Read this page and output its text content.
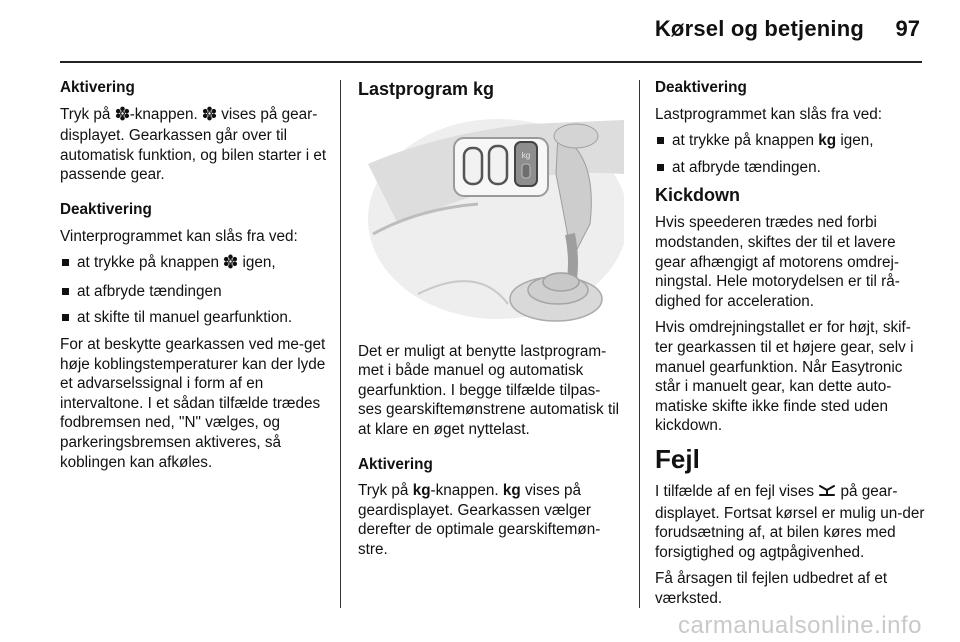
Kørsel og betjening 97

Aktivering

Tryk på -knappen.  vises på gear-displayet. Gearkassen går over til automatisk funktion, og bilen starter i et passende gear.

Deaktivering

Vinterprogrammet kan slås fra ved:

at trykke på knappen  igen,
at afbryde tændingen
at skifte til manuel gearfunktion.

For at beskytte gearkassen ved me-get høje koblingstemperaturer kan der lyde et advarselssignal i form af en intervaltone. I et sådan tilfælde trædes fodbremsen ned, "N" vælges, og parkeringsbremsen aktiveres, så koblingen kan afkøles.

Lastprogram kg

kg

Det er muligt at benytte lastprogram-met i både manuel og automatisk gearfunktion. I begge tilfælde tilpas-ses gearskiftemønstrene automatisk til at klare en øget nyttelast.

Aktivering

Tryk på kg-knappen. kg vises på geardisplayet. Gearkassen vælger derefter de optimale gearskiftemøn-stre.

Deaktivering

Lastprogrammet kan slås fra ved:

at trykke på knappen kg igen,
at afbryde tændingen.

Kickdown

Hvis speederen trædes ned forbi modstanden, skiftes der til et lavere gear afhængigt af motorens omdrej-ningstal. Hele motorydelsen er til rå-dighed for acceleration.

Hvis omdrejningstallet er for højt, skif-ter gearkassen til et højere gear, selv i manuel gearfunktion. Når Easytronic står i manuelt gear, kan dette auto-matiske skifte ikke finde sted uden kickdown.

Fejl

I tilfælde af en fejl vises  på gear-displayet. Fortsat kørsel er mulig un-der forudsætning af, at bilen køres med forsigtighed og agtpågivenhed.

Få årsagen til fejlen udbedret af et værksted.

carmanualsonline.info
